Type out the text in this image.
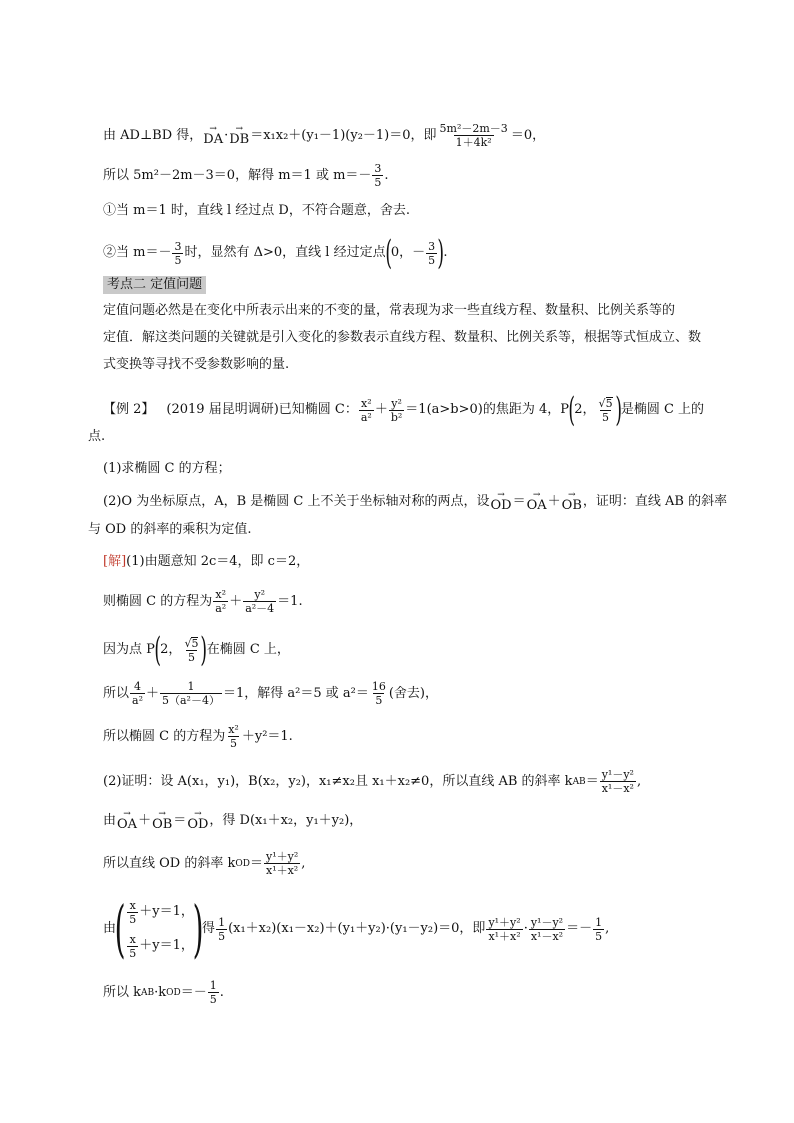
由 AD⊥BD 得， →
DA · →
DB ＝x₁x₂＋(y₁－1)(y₂－1)＝0，即 $\frac{\text{5m²－2m－3}}{\text{1＋4k²}} =0$，
所以 5m²－2m－3＝0，解得 m＝1 或 $m=- \frac{3}{5}$ .
①当 m＝1 时，直线 l 经过点 D，不符合题意，舍去.
②当 $m=- \frac{3}{5}$ 时，显然有 Δ>0，直线 l 经过定点 ( 0，－ $\frac{3}{5}$ ) .
考点二 定值问题
定值问题必然是在变化中所表示出来的不变的量，常表现为求一些直线方程、数量积、比例关系等的
定值．解这类问题的关键就是引入变化的参数表示直线方程、数量积、比例关系等，根据等式恒成立、数
式变换等寻找不受参数影响的量.
【例 2】 (2019 届昆明调研)已知椭圆 C： $\frac{\text{x²}}{\text{a²}} + \frac{\text{y²}}{\text{b²}} =1(a>b>0)$的焦距为 4，P ( 2， $\frac{√ 5}{5}$ ) 是椭圆 C 上的
点.
(1)求椭圆 C 的方程；
(2)O 为坐标原点，A，B 是椭圆 C 上不关于坐标轴对称的两点，设 →
OD ＝ →
OA ＋ →
OB ，证明：直线 AB 的斜率
与 OD 的斜率的乘积为定值.
[解] (1)由题意知 2c＝4，即 c＝2，
则椭圆 C 的方程为 $\frac{\text{x²}}{\text{a²}} + \frac{\text{y²}}{\text{a²－4}} =1$.
因为点 P ( 2， $\frac{√ 5}{5}$ ) 在椭圆 C 上，
所以 $\frac{4}{\text{a²}} + \frac{1}{\text{5（a²－4）}} =1$，解得 a²＝5 或 $a^2= \frac{16}{5}$ (舍去)，
所以椭圆 C 的方程为 $\frac{\text{x²}}{5} +y^2=1$.
(2)证明：设 A(x₁，y₁)，B(x₂，y₂)，x₁≠x₂且 x₁＋x₂≠0，所以直线 AB 的斜率 k AB ＝ $\frac{\text{y¹－y²}}{\text{x¹－x²}}$ ,
由 →
OA ＋ →
OB ＝ →
OD ，得 D(x₁＋x₂，y₁＋y₂)，
所以直线 OD 的斜率 k OD ＝ $\frac{\text{y¹＋y²}}{\text{x¹＋x²}}$ ,
由
( $\frac{x}{5} +y=1$，
$\frac{x}{5} +y=1$，
)
得 $\frac{1}{5} (x_1+x_2)(x_1-x_2)+(y_1+y_2)\cdot(y_1-y_2)=0$，即 $\frac{\text{y¹＋y²}}{\text{x¹＋x²}} \cdot \frac{\text{y¹－y²}}{\text{x¹－x²}} =- \frac{1}{5}$ ,
所以 k AB ·k OD ＝－ $\frac{1}{5}$ .
